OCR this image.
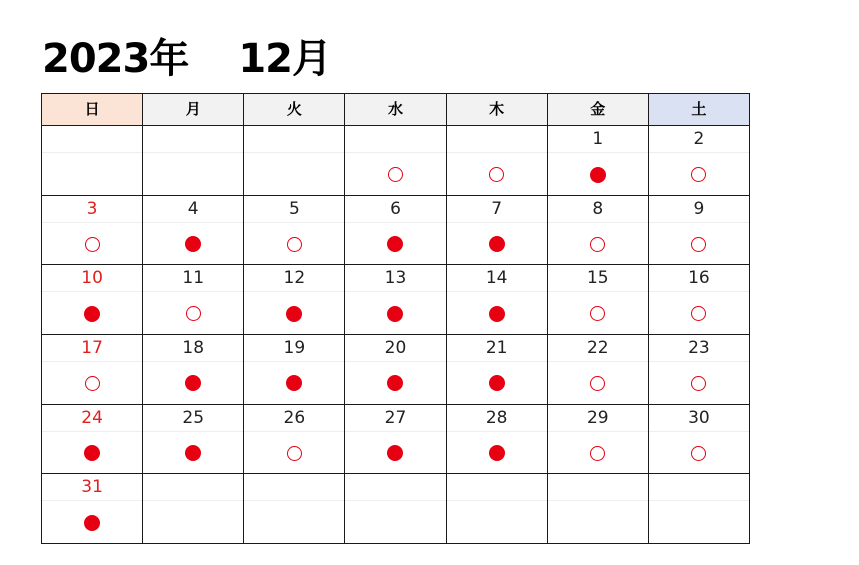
2023年 12月
日	月	火	水	木	金	土

					1	2

3	4	5	6	7	8	9

10	11	12	13	14	15	16

17	18	19	20	21	22	23

24	25	26	27	28	29	30

31						
